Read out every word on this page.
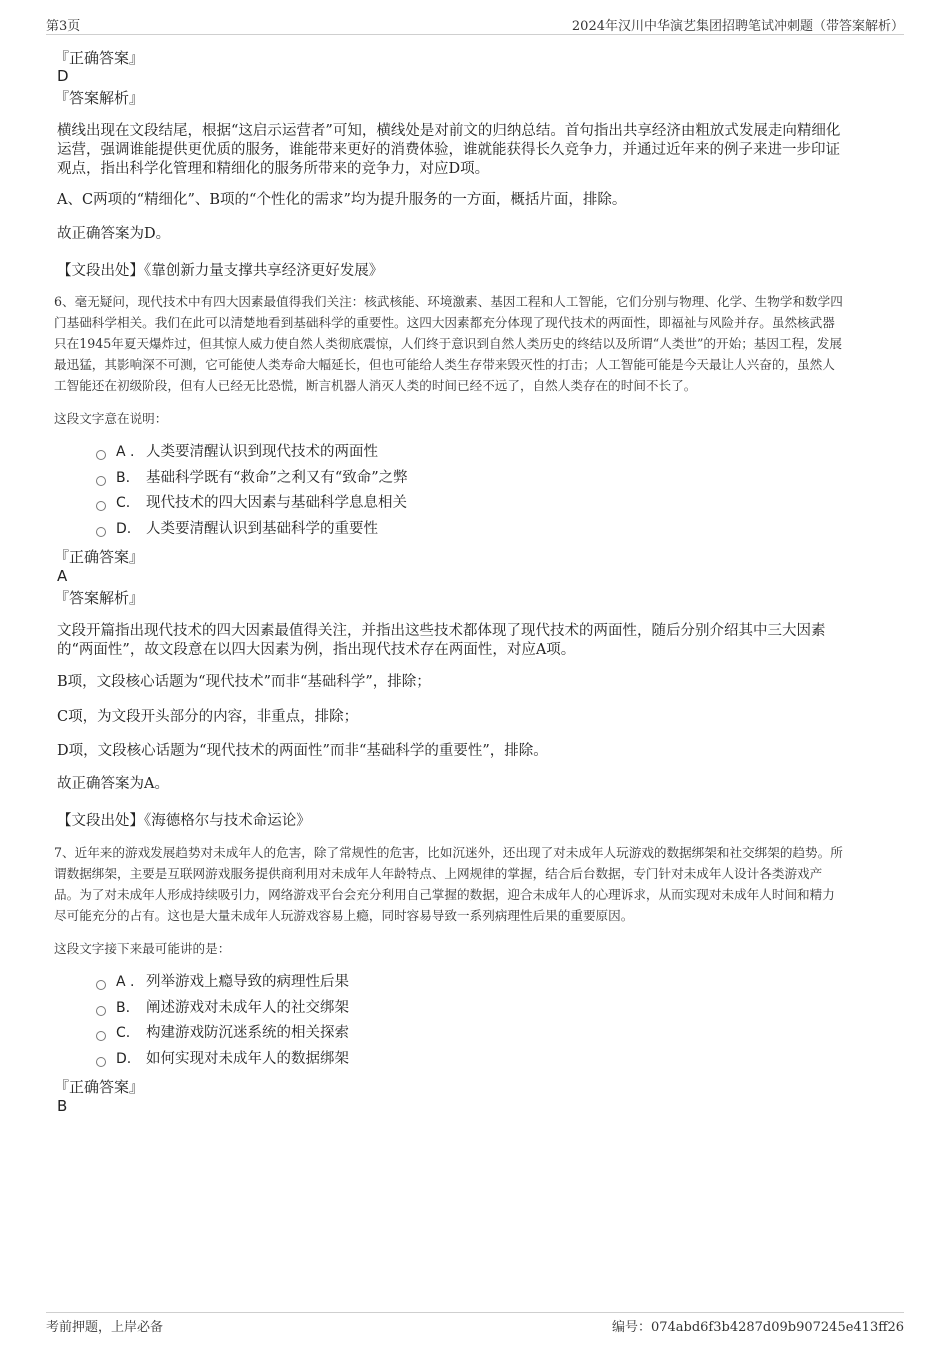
第3页	2024年汉川中华演艺集团招聘笔试冲刺题（带答案解析）
『正确答案』
D
『答案解析』
横线出现在文段结尾，根据“这启示运营者”可知，横线处是对前文的归纳总结。首句指出共享经济由粗放式发展走向精细化
运营，强调谁能提供更优质的服务，谁能带来更好的消费体验，谁就能获得长久竞争力，并通过近年来的例子来进一步印证
观点，指出科学化管理和精细化的服务所带来的竞争力，对应D项。
A、C两项的“精细化”、B项的“个性化的需求”均为提升服务的一方面，概括片面，排除。
故正确答案为D。
【文段出处】《靠创新力量支撑共享经济更好发展》
6、毫无疑问，现代技术中有四大因素最值得我们关注：核武核能、环境激素、基因工程和人工智能，它们分别与物理、化学、生物学和数学四
门基础科学相关。我们在此可以清楚地看到基础科学的重要性。这四大因素都充分体现了现代技术的两面性，即福祉与风险并存。虽然核武器
只在1945年夏天爆炸过，但其惊人威力使自然人类彻底震惊，人们终于意识到自然人类历史的终结以及所谓“人类世”的开始；基因工程，发展
最迅猛，其影响深不可测，它可能使人类寿命大幅延长，但也可能给人类生存带来毁灭性的打击；人工智能可能是今天最让人兴奋的，虽然人
工智能还在初级阶段，但有人已经无比恐慌，断言机器人消灭人类的时间已经不远了，自然人类存在的时间不长了。
这段文字意在说明：
A . 人类要清醒认识到现代技术的两面性
B.	基础科学既有“救命”之利又有“致命”之弊
C.	现代技术的四大因素与基础科学息息相关
D.	人类要清醒认识到基础科学的重要性
『正确答案』
A
『答案解析』
文段开篇指出现代技术的四大因素最值得关注，并指出这些技术都体现了现代技术的两面性，随后分别介绍其中三大因素
的“两面性”，故文段意在以四大因素为例，指出现代技术存在两面性，对应A项。
B项，文段核心话题为“现代技术”而非“基础科学”，排除；
C项，为文段开头部分的内容，非重点，排除；
D项，文段核心话题为“现代技术的两面性”而非“基础科学的重要性”，排除。
故正确答案为A。
【文段出处】《海德格尔与技术命运论》
7、近年来的游戏发展趋势对未成年人的危害，除了常规性的危害，比如沉迷外，还出现了对未成年人玩游戏的数据绑架和社交绑架的趋势。所
谓数据绑架，主要是互联网游戏服务提供商利用对未成年人年龄特点、上网规律的掌握，结合后台数据，专门针对未成年人设计各类游戏产
品。为了对未成年人形成持续吸引力，网络游戏平台会充分利用自己掌握的数据，迎合未成年人的心理诉求，从而实现对未成年人时间和精力
尽可能充分的占有。这也是大量未成年人玩游戏容易上瘾，同时容易导致一系列病理性后果的重要原因。
这段文字接下来最可能讲的是：
A . 列举游戏上瘾导致的病理性后果
B.	阐述游戏对未成年人的社交绑架
C.	构建游戏防沉迷系统的相关探索
D.	如何实现对未成年人的数据绑架
『正确答案』
B
考前押题，上岸必备	编号：074abd6f3b4287d09b907245e413ff26
